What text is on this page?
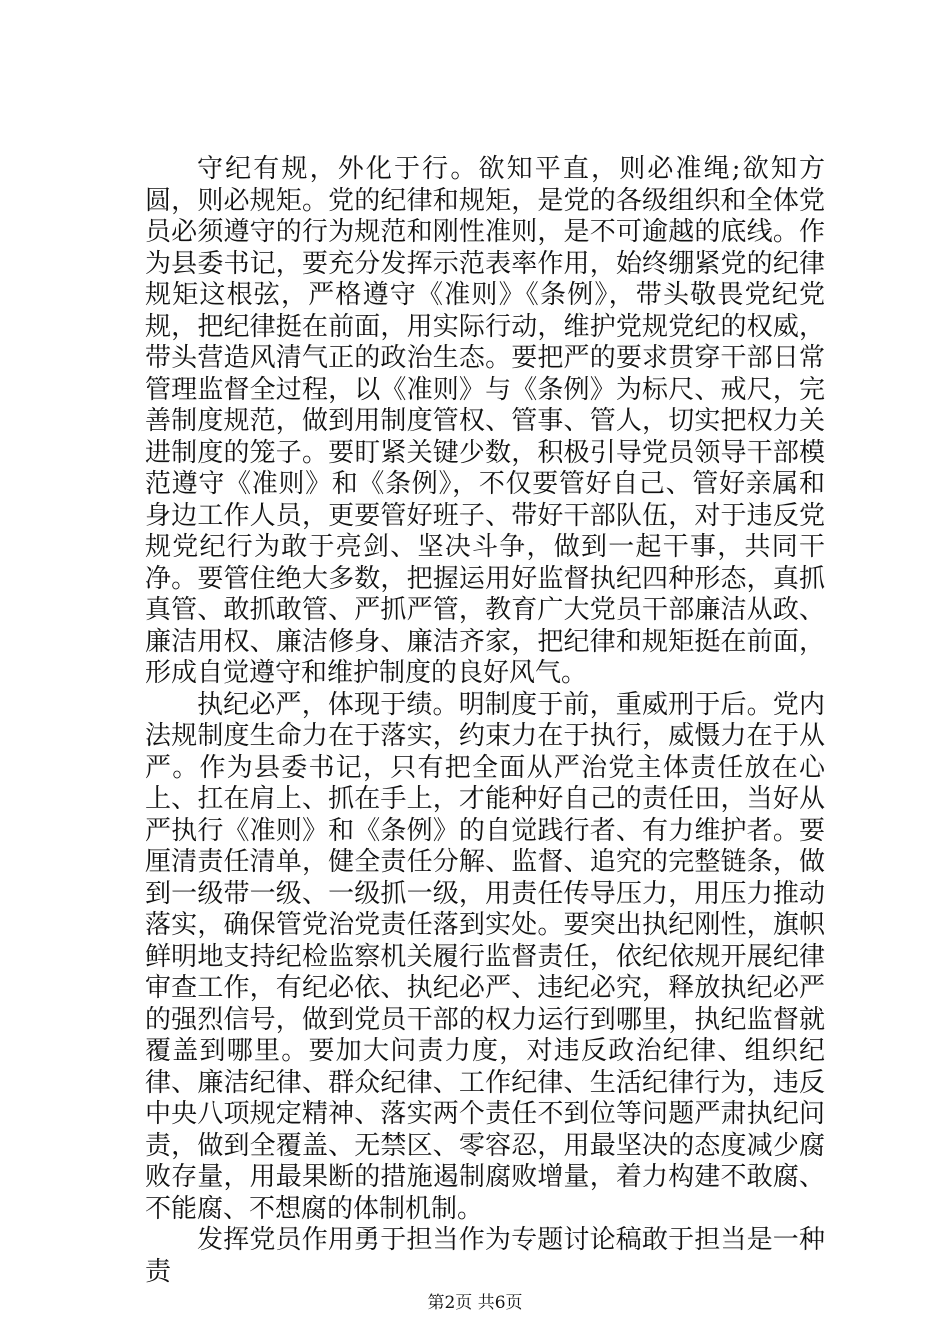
守纪有规，外化于行。欲知平直，则必准绳;欲知方圆，则必规矩。党的纪律和规矩，是党的各级组织和全体党员必须遵守的行为规范和刚性准则，是不可逾越的底线。作为县委书记，要充分发挥示范表率作用，始终绷紧党的纪律规矩这根弦，严格遵守《准则》《条例》，带头敬畏党纪党规，把纪律挺在前面，用实际行动，维护党规党纪的权威，带头营造风清气正的政治生态。要把严的要求贯穿干部日常管理监督全过程，以《准则》与《条例》为标尺、戒尺，完善制度规范，做到用制度管权、管事、管人，切实把权力关进制度的笼子。要盯紧关键少数，积极引导党员领导干部模范遵守《准则》和《条例》，不仅要管好自己、管好亲属和身边工作人员，更要管好班子、带好干部队伍，对于违反党规党纪行为敢于亮剑、坚决斗争，做到一起干事，共同干净。要管住绝大多数，把握运用好监督执纪四种形态，真抓真管、敢抓敢管、严抓严管，教育广大党员干部廉洁从政、廉洁用权、廉洁修身、廉洁齐家，把纪律和规矩挺在前面，形成自觉遵守和维护制度的良好风气。

执纪必严，体现于绩。明制度于前，重威刑于后。党内法规制度生命力在于落实，约束力在于执行，威慑力在于从严。作为县委书记，只有把全面从严治党主体责任放在心上、扛在肩上、抓在手上，才能种好自己的责任田，当好从严执行《准则》和《条例》的自觉践行者、有力维护者。要厘清责任清单，健全责任分解、监督、追究的完整链条，做到一级带一级、一级抓一级，用责任传导压力，用压力推动落实，确保管党治党责任落到实处。要突出执纪刚性，旗帜鲜明地支持纪检监察机关履行监督责任，依纪依规开展纪律审查工作，有纪必依、执纪必严、违纪必究，释放执纪必严的强烈信号，做到党员干部的权力运行到哪里，执纪监督就覆盖到哪里。要加大问责力度，对违反政治纪律、组织纪律、廉洁纪律、群众纪律、工作纪律、生活纪律行为，违反中央八项规定精神、落实两个责任不到位等问题严肃执纪问责，做到全覆盖、无禁区、零容忍，用最坚决的态度减少腐败存量，用最果断的措施遏制腐败增量，着力构建不敢腐、不能腐、不想腐的体制机制。

发挥党员作用勇于担当作为专题讨论稿敢于担当是一种责

第2页 共6页
